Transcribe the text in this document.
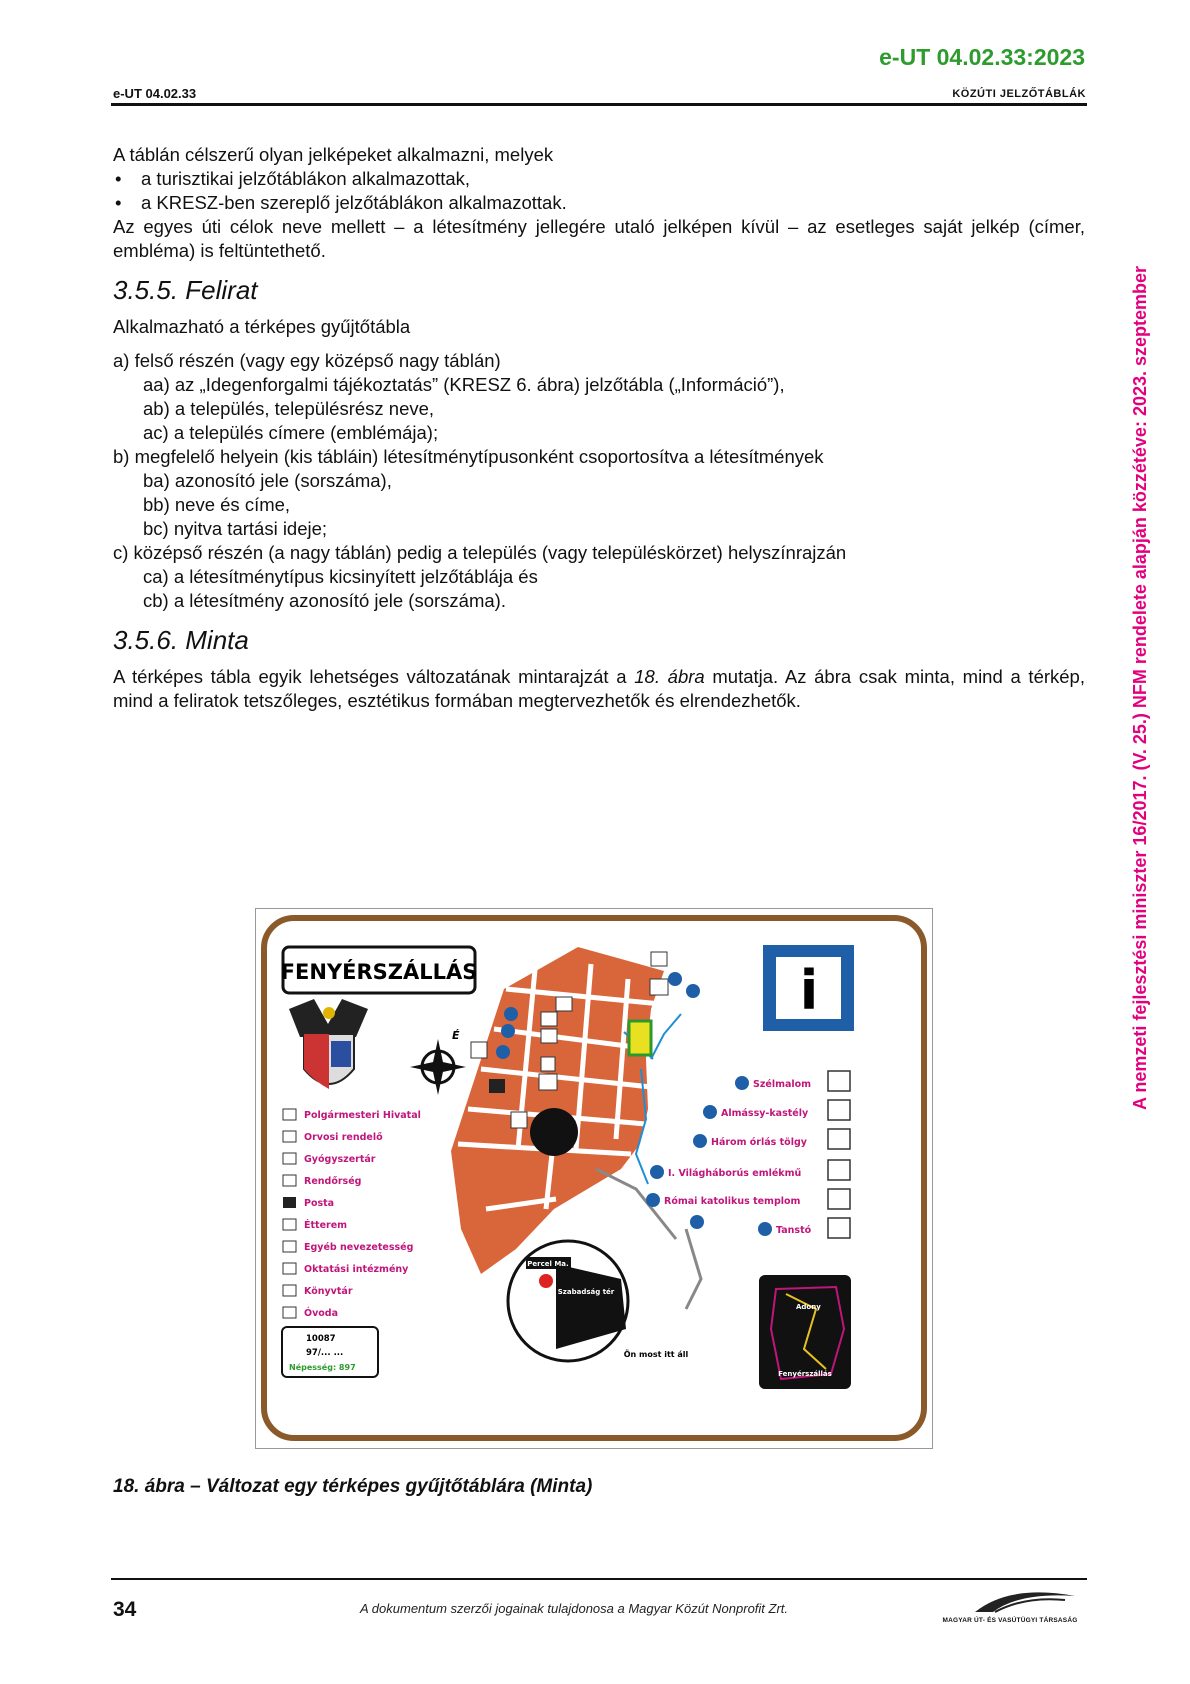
e-UT 04.02.33:2023
e-UT 04.02.33	KÖZÚTI JELZŐTÁBLÁK
A nemzeti fejlesztési miniszter 16/2017. (V. 25.) NFM rendelete alapján közzétéve: 2023. szeptember

A táblán célszerű olyan jelképeket alkalmazni, melyek

• a turisztikai jelzőtáblákon alkalmazottak,

• a KRESZ-ben szereplő jelzőtáblákon alkalmazottak.

Az egyes úti célok neve mellett – a létesítmény jellegére utaló jelképen kívül – az esetleges saját jelkép (címer, embléma) is feltüntethető.

3.5.5. Felirat

Alkalmazható a térképes gyűjtőtábla

a) felső részén (vagy egy középső nagy táblán)

aa) az „Idegenforgalmi tájékoztatás” (KRESZ 6. ábra) jelzőtábla („Információ”),

ab) a település, településrész neve,

ac) a település címere (emblémája);

b) megfelelő helyein (kis tábláin) létesítménytípusonként csoportosítva a létesítmények

ba) azonosító jele (sorszáma),

bb) neve és címe,

bc) nyitva tartási ideje;

c) középső részén (a nagy táblán) pedig a település (vagy településkörzet) helyszínrajzán

ca) a létesítménytípus kicsinyített jelzőtáblája és

cb) a létesítmény azonosító jele (sorszáma).

3.5.6. Minta

A térképes tábla egyik lehetséges változatának mintarajzát a 18. ábra mutatja. Az ábra csak minta, mind a térkép, mind a feliratok tetszőleges, esztétikus formában megtervezhetők és elrendezhetők.

FENYÉRSZÁLLÁS
É
Percel Ma.
Szabadság tér
Ön most itt áll
i
Szélmalom
Almássy-kastély
Három órlás tölgy
I. Világháborús emlékmű
Római katolikus templom
Tanstó
Polgármesteri Hivatal
Orvosi rendelő
Gyógyszertár
Rendőrség
Posta
Étterem
Egyéb nevezetesség
Oktatási intézmény
Könyvtár
Óvoda
10087
97/... ...
Népesség: 897
Adony
Fenyérszállás
18. ábra – Változat egy térképes gyűjtőtáblára (Minta)
34	A dokumentum szerzői jogainak tulajdonosa a Magyar Közút Nonprofit Zrt.
MAGYAR ÚT- ÉS VASÚTÜGYI TÁRSASÁG
